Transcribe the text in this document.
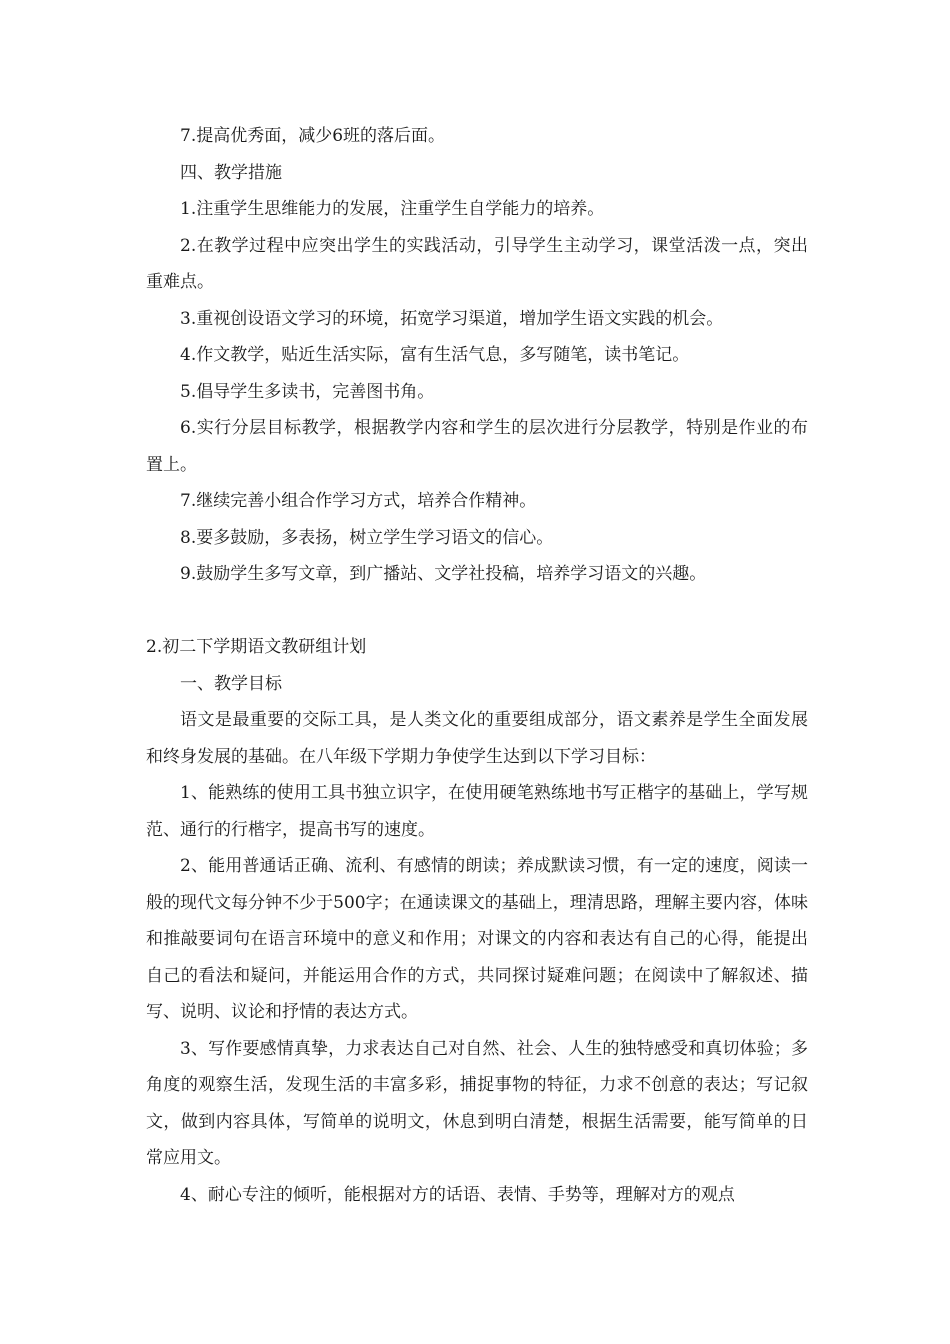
7.提高优秀面，减少6班的落后面。

四、教学措施

1.注重学生思维能力的发展，注重学生自学能力的培养。

2.在教学过程中应突出学生的实践活动，引导学生主动学习，课堂活泼一点，突出重难点。

3.重视创设语文学习的环境，拓宽学习渠道，增加学生语文实践的机会。

4.作文教学，贴近生活实际，富有生活气息，多写随笔，读书笔记。

5.倡导学生多读书，完善图书角。

6.实行分层目标教学，根据教学内容和学生的层次进行分层教学，特别是作业的布置上。

7.继续完善小组合作学习方式，培养合作精神。

8.要多鼓励，多表扬，树立学生学习语文的信心。

9.鼓励学生多写文章，到广播站、文学社投稿，培养学习语文的兴趣。

2.初二下学期语文教研组计划

一、教学目标

语文是最重要的交际工具，是人类文化的重要组成部分，语文素养是学生全面发展和终身发展的基础。在八年级下学期力争使学生达到以下学习目标：

1、能熟练的使用工具书独立识字，在使用硬笔熟练地书写正楷字的基础上，学写规范、通行的行楷字，提高书写的速度。

2、能用普通话正确、流利、有感情的朗读；养成默读习惯，有一定的速度，阅读一般的现代文每分钟不少于500字；在通读课文的基础上，理清思路，理解主要内容，体味和推敲要词句在语言环境中的意义和作用；对课文的内容和表达有自己的心得，能提出自己的看法和疑问，并能运用合作的方式，共同探讨疑难问题；在阅读中了解叙述、描写、说明、议论和抒情的表达方式。

3、写作要感情真挚，力求表达自己对自然、社会、人生的独特感受和真切体验；多角度的观察生活，发现生活的丰富多彩，捕捉事物的特征，力求不创意的表达；写记叙文，做到内容具体，写简单的说明文，休息到明白清楚，根据生活需要，能写简单的日常应用文。

4、耐心专注的倾听，能根据对方的话语、表情、手势等，理解对方的观点
